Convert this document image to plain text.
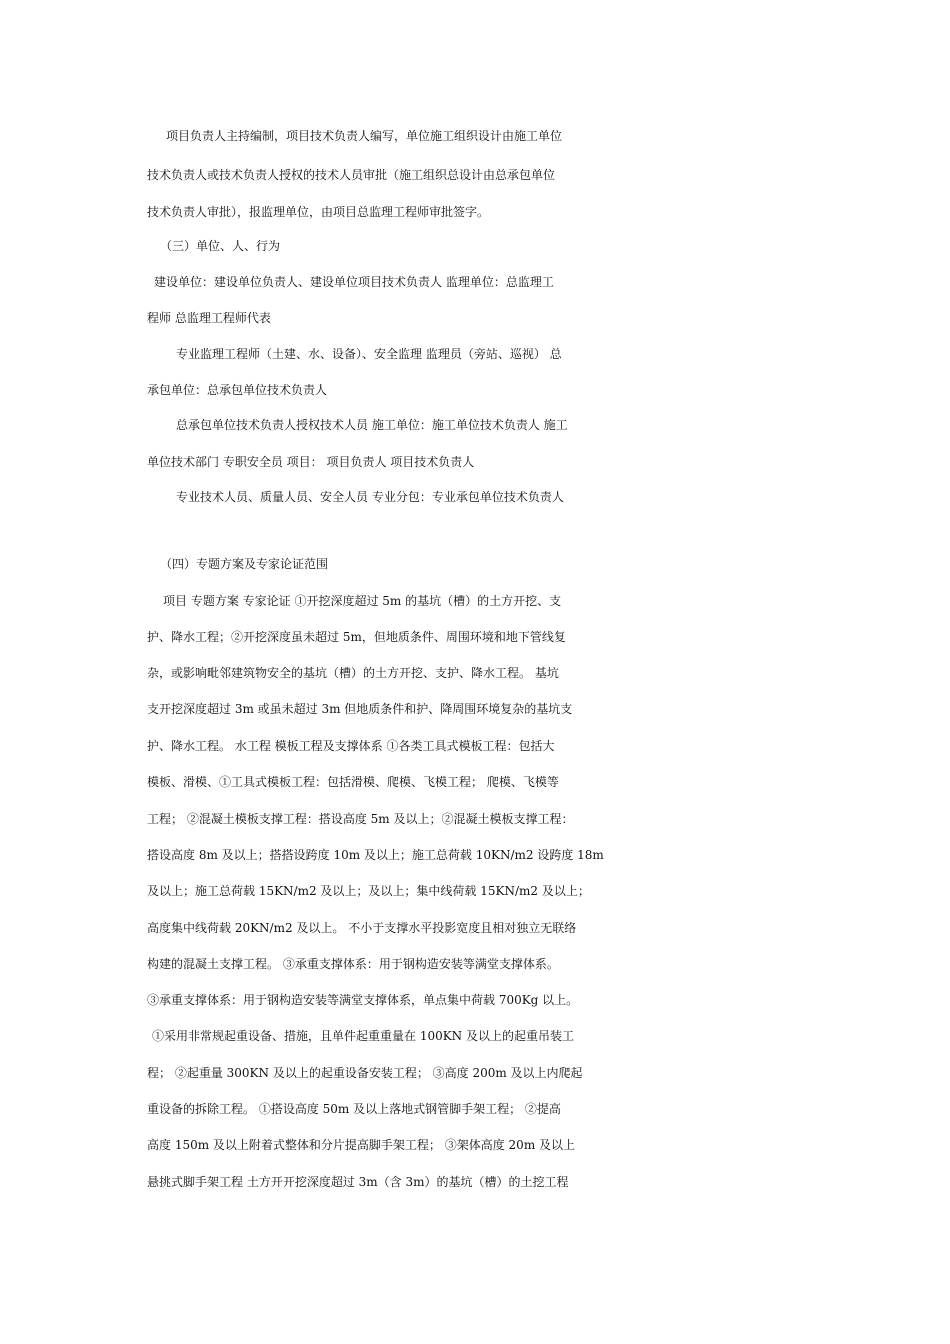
项目负责人主持编制，项目技术负责人编写，单位施工组织设计由施工单位
技术负责人或技术负责人授权的技术人员审批（施工组织总设计由总承包单位
技术负责人审批），报监理单位，由项目总监理工程师审批签字。
（三）单位、人、行为
建设单位：建设单位负责人、建设单位项目技术负责人 监理单位：总监理工
程师 总监理工程师代表
专业监理工程师（土建、水、设备）、安全监理 监理员（旁站、巡视） 总
承包单位：总承包单位技术负责人
总承包单位技术负责人授权技术人员 施工单位：施工单位技术负责人 施工
单位技术部门 专职安全员 项目： 项目负责人 项目技术负责人
专业技术人员、质量人员、安全人员 专业分包：专业承包单位技术负责人
（四）专题方案及专家论证范围
项目 专题方案 专家论证 ①开挖深度超过 5m 的基坑（槽）的土方开挖、支
护、降水工程；②开挖深度虽未超过 5m，但地质条件、周围环境和地下管线复
杂，或影响毗邻建筑物安全的基坑（槽）的土方开挖、支护、降水工程。 基坑
支开挖深度超过 3m 或虽未超过 3m 但地质条件和护、降周围环境复杂的基坑支
护、降水工程。 水工程 模板工程及支撑体系 ①各类工具式模板工程：包括大
模板、滑模、①工具式模板工程：包括滑模、爬模、飞模工程； 爬模、飞模等
工程； ②混凝土模板支撑工程：搭设高度 5m 及以上；②混凝土模板支撑工程：
搭设高度 8m 及以上；搭搭设跨度 10m 及以上；施工总荷载 10KN/m2 设跨度 18m
及以上；施工总荷载 15KN/m2 及以上；及以上；集中线荷载 15KN/m2 及以上；
高度集中线荷载 20KN/m2 及以上。 不小于支撑水平投影宽度且相对独立无联络
构建的混凝土支撑工程。 ③承重支撑体系：用于钢构造安装等满堂支撑体系。
③承重支撑体系：用于钢构造安装等满堂支撑体系，单点集中荷载 700Kg 以上。
①采用非常规起重设备、措施，且单件起重重量在 100KN 及以上的起重吊装工
程； ②起重量 300KN 及以上的起重设备安装工程； ③高度 200m 及以上内爬起
重设备的拆除工程。 ①搭设高度 50m 及以上落地式钢管脚手架工程； ②提高
高度 150m 及以上附着式整体和分片提高脚手架工程； ③架体高度 20m 及以上
悬挑式脚手架工程 土方开开挖深度超过 3m（含 3m）的基坑（槽）的土挖工程
